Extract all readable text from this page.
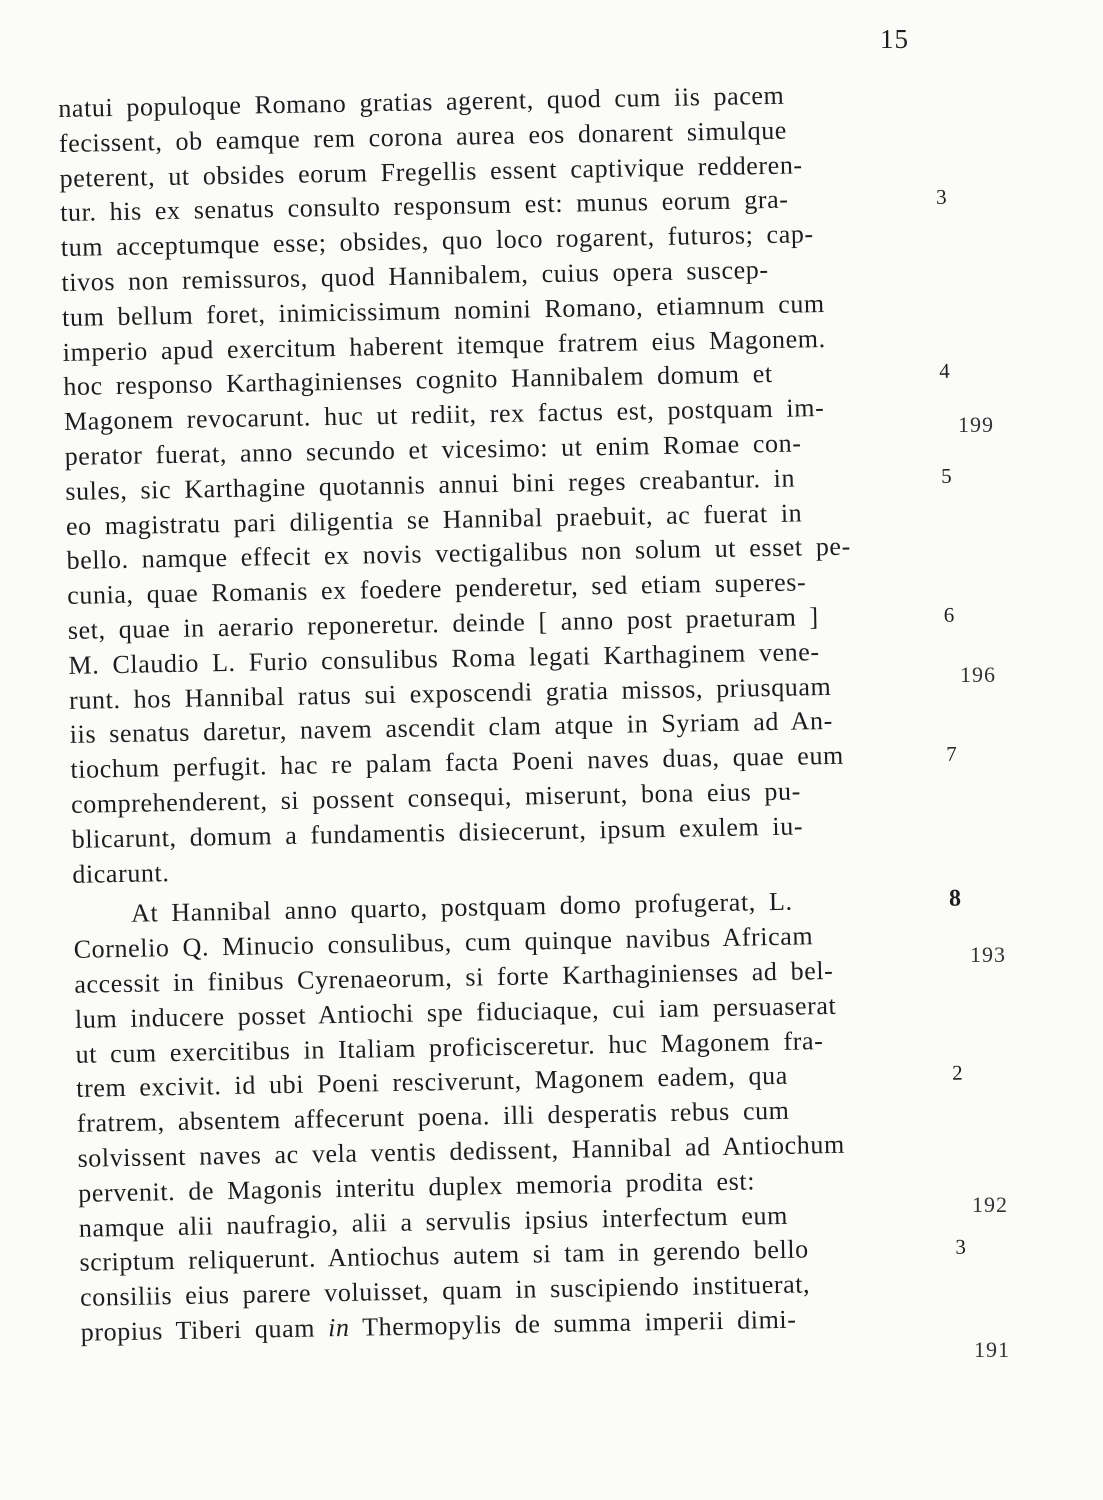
15
natui populoque Romano gratias agerent, quod cum iis pacem
fecissent, ob eamque rem corona aurea eos donarent simulque
peterent, ut obsides eorum Fregellis essent captivique redderen-
tur. his ex senatus consulto responsum est: munus eorum gra-	3
tum acceptumque esse; obsides, quo loco rogarent, futuros; cap-
tivos non remissuros, quod Hannibalem, cuius opera suscep-
tum bellum foret, inimicissimum nomini Romano, etiamnum cum
imperio apud exercitum haberent itemque fratrem eius Magonem.
hoc responso Karthaginienses cognito Hannibalem domum et	4
Magonem revocarunt. huc ut rediit, rex factus est, postquam im-
perator fuerat, anno secundo et vicesimo: ut enim Romae con-
sules, sic Karthagine quotannis annui bini reges creabantur. in	5
eo magistratu pari diligentia se Hannibal praebuit, ac fuerat in
bello. namque effecit ex novis vectigalibus non solum ut esset pe-
cunia, quae Romanis ex foedere penderetur, sed etiam superes-
set, quae in aerario reponeretur. deinde [ anno post praeturam ]	6
M. Claudio L. Furio consulibus Roma legati Karthaginem vene-
runt. hos Hannibal ratus sui exposcendi gratia missos, priusquam
iis senatus daretur, navem ascendit clam atque in Syriam ad An-
tiochum perfugit. hac re palam facta Poeni naves duas, quae eum	7
comprehenderent, si possent consequi, miserunt, bona eius pu-
blicarunt, domum a fundamentis disiecerunt, ipsum exulem iu-
dicarunt.
At Hannibal anno quarto, postquam domo profugerat, L.	8
Cornelio Q. Minucio consulibus, cum quinque navibus Africam
accessit in finibus Cyrenaeorum, si forte Karthaginienses ad bel-
lum inducere posset Antiochi spe fiduciaque, cui iam persuaserat
ut cum exercitibus in Italiam proficisceretur. huc Magonem fra-
trem excivit. id ubi Poeni resciverunt, Magonem eadem, qua	2
fratrem, absentem affecerunt poena. illi desperatis rebus cum
solvissent naves ac vela ventis dedissent, Hannibal ad Antiochum
pervenit. de Magonis interitu duplex memoria prodita est:
namque alii naufragio, alii a servulis ipsius interfectum eum
scriptum reliquerunt. Antiochus autem si tam in gerendo bello	3
consiliis eius parere voluisset, quam in suscipiendo instituerat,
propius Tiberi quam in Thermopylis de summa imperii dimi-
199
196
193
192
191
